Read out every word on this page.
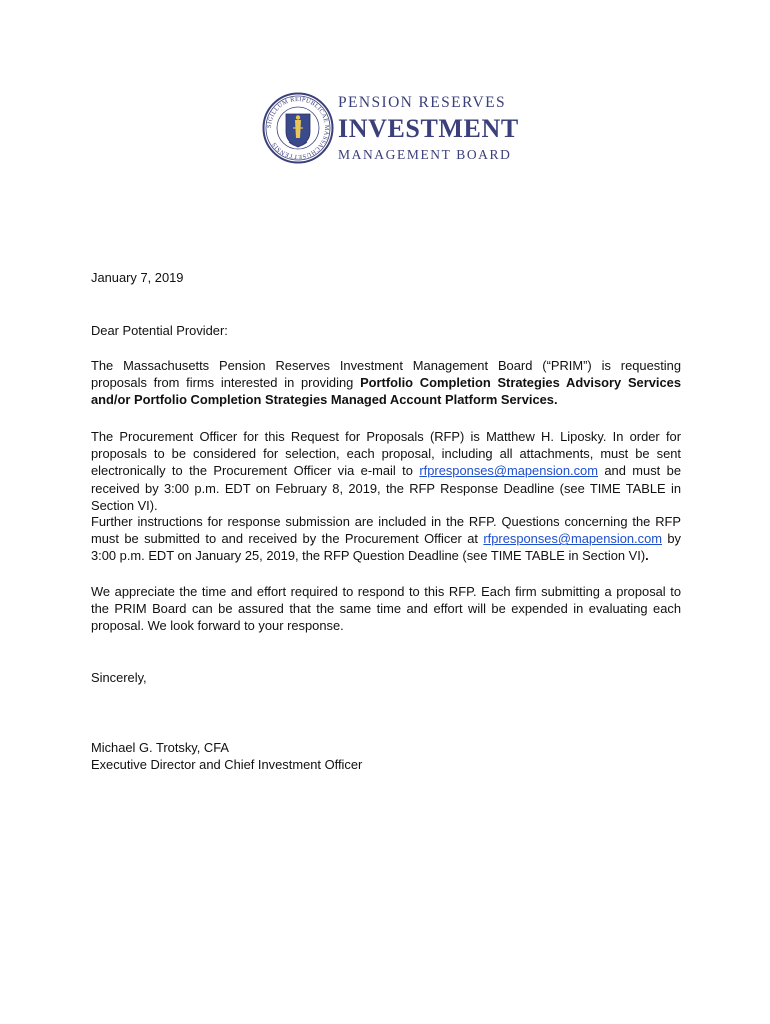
SIGILLUM REIPUBLICAE MASSACHUSETTENSIS
PENSION RESERVES
INVESTMENT
MANAGEMENT BOARD
January 7, 2019
Dear Potential Provider:

The Massachusetts Pension Reserves Investment Management Board (“PRIM”) is requesting proposals from firms interested in providing Portfolio Completion Strategies Advisory Services and/or Portfolio Completion Strategies Managed Account Platform Services.

The Procurement Officer for this Request for Proposals (RFP) is Matthew H. Liposky. In order for proposals to be considered for selection, each proposal, including all attachments, must be sent electronically to the Procurement Officer via e-mail to rfpresponses@mapension.com and must be received by 3:00 p.m. EDT on February 8, 2019, the RFP Response Deadline (see TIME TABLE in Section VI).

Further instructions for response submission are included in the RFP. Questions concerning the RFP must be submitted to and received by the Procurement Officer at rfpresponses@mapension.com by 3:00 p.m. EDT on January 25, 2019, the RFP Question Deadline (see TIME TABLE in Section VI).

We appreciate the time and effort required to respond to this RFP. Each firm submitting a proposal to the PRIM Board can be assured that the same time and effort will be expended in evaluating each proposal. We look forward to your response.

Sincerely,
Michael G. Trotsky, CFA
Executive Director and Chief Investment Officer
